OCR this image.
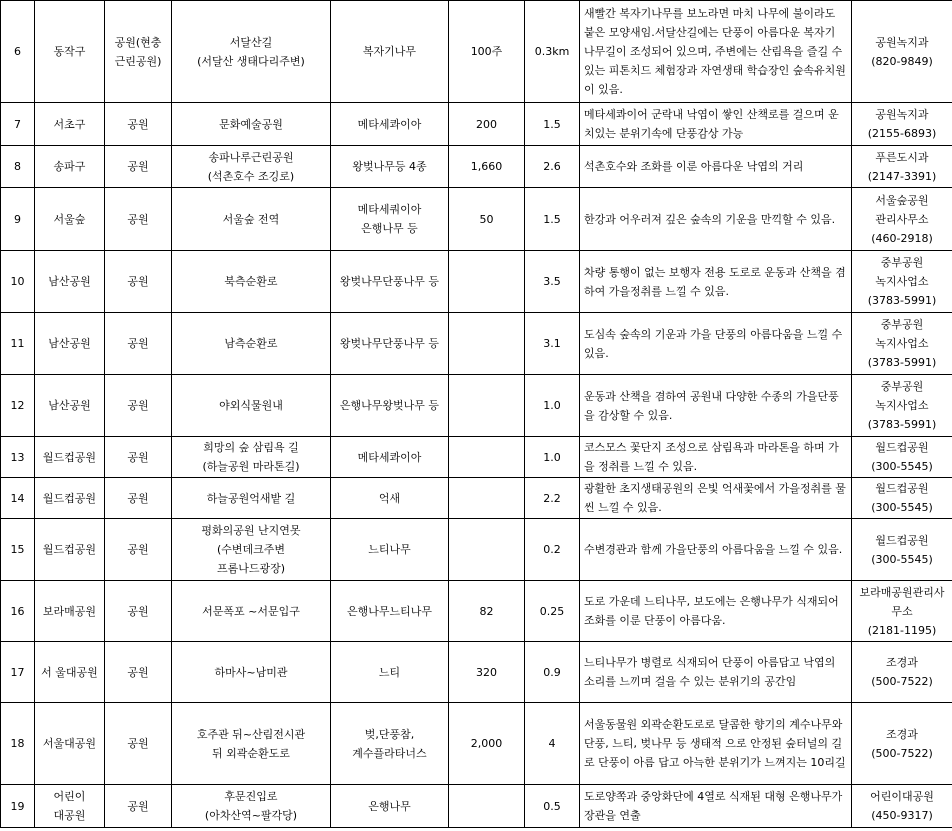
6	동작구	공원(현충
근린공원)	서달산길
(서달산 생태다리주변)	복자기나무	100주	0.3km	새빨간 복자기나무를 보노라면 마치 나무에 불이라도 붙은 모양새임.서달산길에는 단풍이 아름다운 복자기 나무길이 조성되어 있으며, 주변에는 산림욕을 즐길 수 있는 피톤치드 체험장과 자연생태 학습장인 숲속유치원이 있음.	공원녹지과
(820-9849)
7	서초구	공원	문화예술공원	메타세콰이아	200	1.5	메타세콰이어 군락내 낙엽이 쌓인 산책로를 걸으며 운치있는 분위기속에 단풍감상 가능	공원녹지과
(2155-6893)
8	송파구	공원	송파나루근린공원
(석촌호수 조깅로)	왕벚나무등 4종	1,660	2.6	석촌호수와 조화를 이룬 아름다운 낙엽의 거리	푸른도시과
(2147-3391)
9	서울숲	공원	서울숲 전역	메타세쿼이아
은행나무 등	50	1.5	한강과 어우러져 깊은 숲속의 기운을 만끽할 수 있음.	서울숲공원
관리사무소
(460-2918)
10	남산공원	공원	북측순환로	왕벚나무단풍나무 등		3.5	차량 통행이 없는 보행자 전용 도로로 운동과 산책을 겸하여 가을정취를 느낄 수 있음.	중부공원
녹지사업소
(3783-5991)
11	남산공원	공원	남측순환로	왕벚나무단풍나무 등		3.1	도심속 숲속의 기운과 가을 단풍의 아름다움을 느낄 수 있음.	중부공원
녹지사업소
(3783-5991)
12	남산공원	공원	야외식물원내	은행나무왕벚나무 등		1.0	운동과 산책을 겸하여 공원내 다양한 수종의 가을단풍을 감상할 수 있음.	중부공원
녹지사업소
(3783-5991)
13	월드컵공원	공원	희망의 숲 삼림욕 길
(하늘공원 마라톤길)	메타세콰이아		1.0	코스모스 꽃단지 조성으로 삼림욕과 마라톤을 하며 가을 정취를 느낄 수 있음.	월드컵공원
(300-5545)
14	월드컵공원	공원	하늘공원억새밭 길	억새		2.2	광활한 초지생태공원의 은빛 억새꽃에서 가을정취를 물씬 느낄 수 있음.	월드컵공원
(300-5545)
15	월드컵공원	공원	평화의공원 난지연못
(수변데크주변
프롬나드광장)	느티나무		0.2	수변경관과 함께 가을단풍의 아름다움을 느낄 수 있음.	월드컵공원
(300-5545)
16	보라매공원	공원	서문폭포 ~서문입구	은행나무느티나무	82	0.25	도로 가운데 느티나무, 보도에는 은행나무가 식재되어 조화를 이룬 단풍이 아름다움.	보라매공원관리사
무소
(2181-1195)
17	서 울대공원	공원	하마사~남미관	느티	320	0.9	느티나무가 병렬로 식재되어 단풍이 아름답고 낙엽의 소리를 느끼며 걸을 수 있는 분위기의 공간임	조경과
(500-7522)
18	서울대공원	공원	호주관 뒤~산림전시관
뒤 외곽순환도로	벚,단풍참,
계수플라타너스	2,000	4	서울동물원 외곽순환도로로 달콤한 향기의 계수나무와 단풍, 느티, 벚나무 등 생태적 으로 안정된 숲터널의 길로 단풍이 아름 답고 아늑한 분위기가 느껴지는 10리길	조경과
(500-7522)
19	어린이
대공원	공원	후문진입로
(아차산역~팔각당)	은행나무		0.5	도로양쪽과 중앙화단에 4열로 식재된 대형 은행나무가 장관을 연출	어린이대공원
(450-9317)
